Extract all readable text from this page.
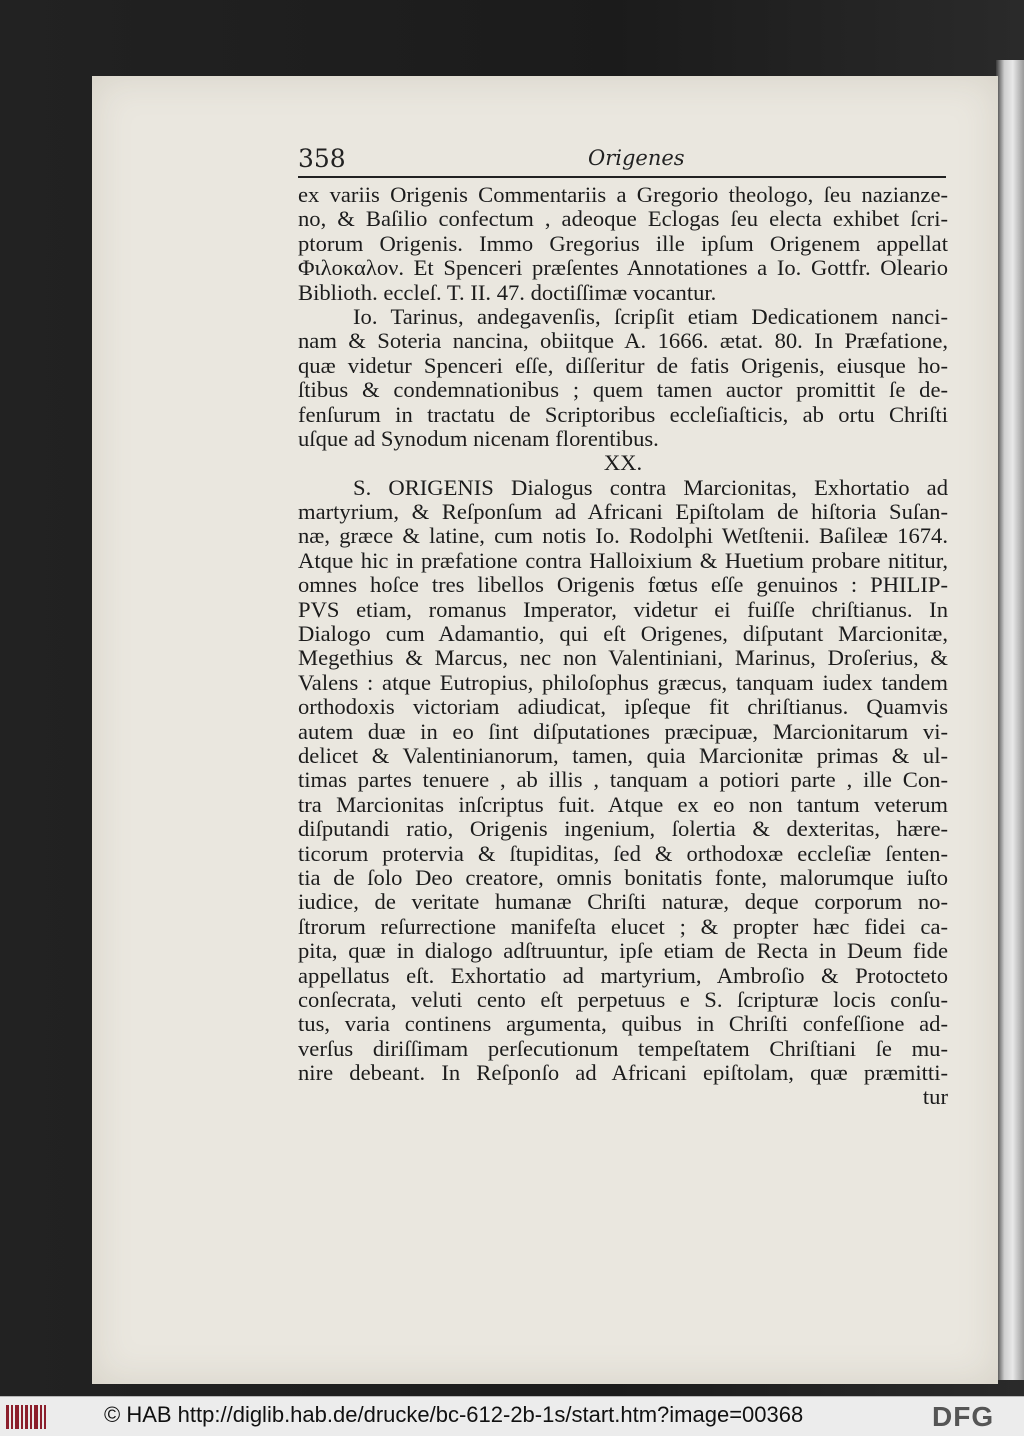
358	Origenes
ex variis Origenis Commentariis a Gregorio theologo, ſeu nazianze-
no, & Baſilio confectum , adeoque Eclogas ſeu electa exhibet ſcri-
ptorum Origenis. Immo Gregorius ille ipſum Origenem appellat
Φιλοκαλον. Et Spenceri præſentes Annotationes a Io. Gottfr. Oleario
Biblioth. eccleſ. T. II. 47. doctiſſimæ vocantur.
Io. Tarinus, andegavenſis, ſcripſit etiam Dedicationem nanci-
nam & Soteria nancina, obiitque A. 1666. ætat. 80. In Præfatione,
quæ videtur Spenceri eſſe, diſſeritur de fatis Origenis, eiusque ho-
ſtibus & condemnationibus ; quem tamen auctor promittit ſe de-
fenſurum in tractatu de Scriptoribus eccleſiaſticis, ab ortu Chriſti
uſque ad Synodum nicenam florentibus.
XX.
S. ORIGENIS Dialogus contra Marcionitas, Exhortatio ad
martyrium, & Reſponſum ad Africani Epiſtolam de hiſtoria Suſan-
næ, græce & latine, cum notis Io. Rodolphi Wetſtenii. Baſileæ 1674.
Atque hic in præfatione contra Halloixium & Huetium probare nititur,
omnes hoſce tres libellos Origenis fœtus eſſe genuinos : PHILIP-
PVS etiam, romanus Imperator, videtur ei fuiſſe chriſtianus. In
Dialogo cum Adamantio, qui eſt Origenes, diſputant Marcionitæ,
Megethius & Marcus, nec non Valentiniani, Marinus, Droſerius, &
Valens : atque Eutropius, philoſophus græcus, tanquam iudex tandem
orthodoxis victoriam adiudicat, ipſeque fit chriſtianus. Quamvis
autem duæ in eo ſint diſputationes præcipuæ, Marcionitarum vi-
delicet & Valentinianorum, tamen, quia Marcionitæ primas & ul-
timas partes tenuere , ab illis , tanquam a potiori parte , ille Con-
tra Marcionitas inſcriptus fuit. Atque ex eo non tantum veterum
diſputandi ratio, Origenis ingenium, ſolertia & dexteritas, hære-
ticorum protervia & ſtupiditas, ſed & orthodoxæ eccleſiæ ſenten-
tia de ſolo Deo creatore, omnis bonitatis fonte, malorumque iuſto
iudice, de veritate humanæ Chriſti naturæ, deque corporum no-
ſtrorum reſurrectione manifeſta elucet ; & propter hæc fidei ca-
pita, quæ in dialogo adſtruuntur, ipſe etiam de Recta in Deum fide
appellatus eſt. Exhortatio ad martyrium, Ambroſio & Protocteto
conſecrata, veluti cento eſt perpetuus e S. ſcripturæ locis conſu-
tus, varia continens argumenta, quibus in Chriſti confeſſione ad-
verſus diriſſimam perſecutionum tempeſtatem Chriſtiani ſe mu-
nire debeant. In Reſponſo ad Africani epiſtolam, quæ præmitti-
tur
© HAB http://diglib.hab.de/drucke/bc-612-2b-1s/start.htm?image=00368	DFG
